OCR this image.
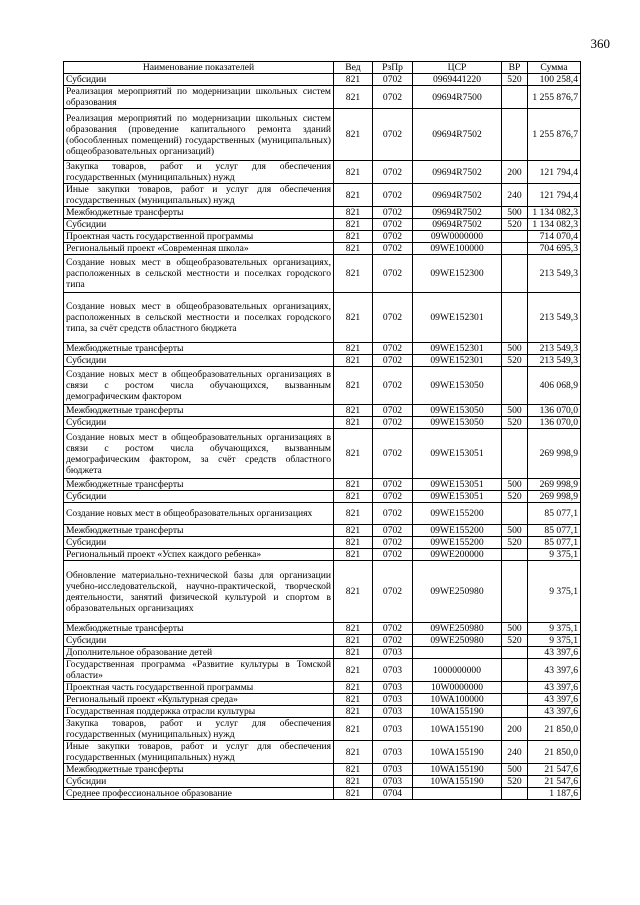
360
Наименование показателей	Вед	РзПр	ЦСР	ВР	Сумма
Субсидии	821	0702	0969441220	520	100 258,4
Реализация мероприятий по модернизации школьных систем образования	821	0702	09694R7500		1 255 876,7
Реализация мероприятий по модернизации школьных систем образования (проведение капитального ремонта зданий (обособленных помещений) государственных (муниципальных) общеобразовательных организаций)	821	0702	09694R7502		1 255 876,7
Закупка товаров, работ и услуг для обеспечения государственных (муниципальных) нужд	821	0702	09694R7502	200	121 794,4
Иные закупки товаров, работ и услуг для обеспечения государственных (муниципальных) нужд	821	0702	09694R7502	240	121 794,4
Межбюджетные трансферты	821	0702	09694R7502	500	1 134 082,3
Субсидии	821	0702	09694R7502	520	1 134 082,3
Проектная часть государственной программы	821	0702	09W0000000		714 070,4
Региональный проект «Современная школа»	821	0702	09WE100000		704 695,3
Создание новых мест в общеобразовательных организациях, расположенных в сельской местности и поселках городского типа	821	0702	09WE152300		213 549,3
Создание новых мест в общеобразовательных организациях, расположенных в сельской местности и поселках городского типа, за счёт средств областного бюджета	821	0702	09WE152301		213 549,3
Межбюджетные трансферты	821	0702	09WE152301	500	213 549,3
Субсидии	821	0702	09WE152301	520	213 549,3
Создание новых мест в общеобразовательных организациях в связи с ростом числа обучающихся, вызванным демографическим фактором	821	0702	09WE153050		406 068,9
Межбюджетные трансферты	821	0702	09WE153050	500	136 070,0
Субсидии	821	0702	09WE153050	520	136 070,0
Создание новых мест в общеобразовательных организациях в связи с ростом числа обучающихся, вызванным демографическим фактором, за счёт средств областного бюджета	821	0702	09WE153051		269 998,9
Межбюджетные трансферты	821	0702	09WE153051	500	269 998,9
Субсидии	821	0702	09WE153051	520	269 998,9
Создание новых мест в общеобразовательных организациях	821	0702	09WE155200		85 077,1
Межбюджетные трансферты	821	0702	09WE155200	500	85 077,1
Субсидии	821	0702	09WE155200	520	85 077,1
Региональный проект «Успех каждого ребенка»	821	0702	09WE200000		9 375,1
Обновление материально-технической базы для организации учебно-исследовательской, научно-практической, творческой деятельности, занятий физической культурой и спортом в образовательных организациях	821	0702	09WE250980		9 375,1
Межбюджетные трансферты	821	0702	09WE250980	500	9 375,1
Субсидии	821	0702	09WE250980	520	9 375,1
Дополнительное образование детей	821	0703			43 397,6
Государственная программа «Развитие культуры в Томской области»	821	0703	1000000000		43 397,6
Проектная часть государственной программы	821	0703	10W0000000		43 397,6
Региональный проект «Культурная среда»	821	0703	10WA100000		43 397,6
Государственная поддержка отрасли культуры	821	0703	10WA155190		43 397,6
Закупка товаров, работ и услуг для обеспечения государственных (муниципальных) нужд	821	0703	10WA155190	200	21 850,0
Иные закупки товаров, работ и услуг для обеспечения государственных (муниципальных) нужд	821	0703	10WA155190	240	21 850,0
Межбюджетные трансферты	821	0703	10WA155190	500	21 547,6
Субсидии	821	0703	10WA155190	520	21 547,6
Среднее профессиональное образование	821	0704			1 187,6
